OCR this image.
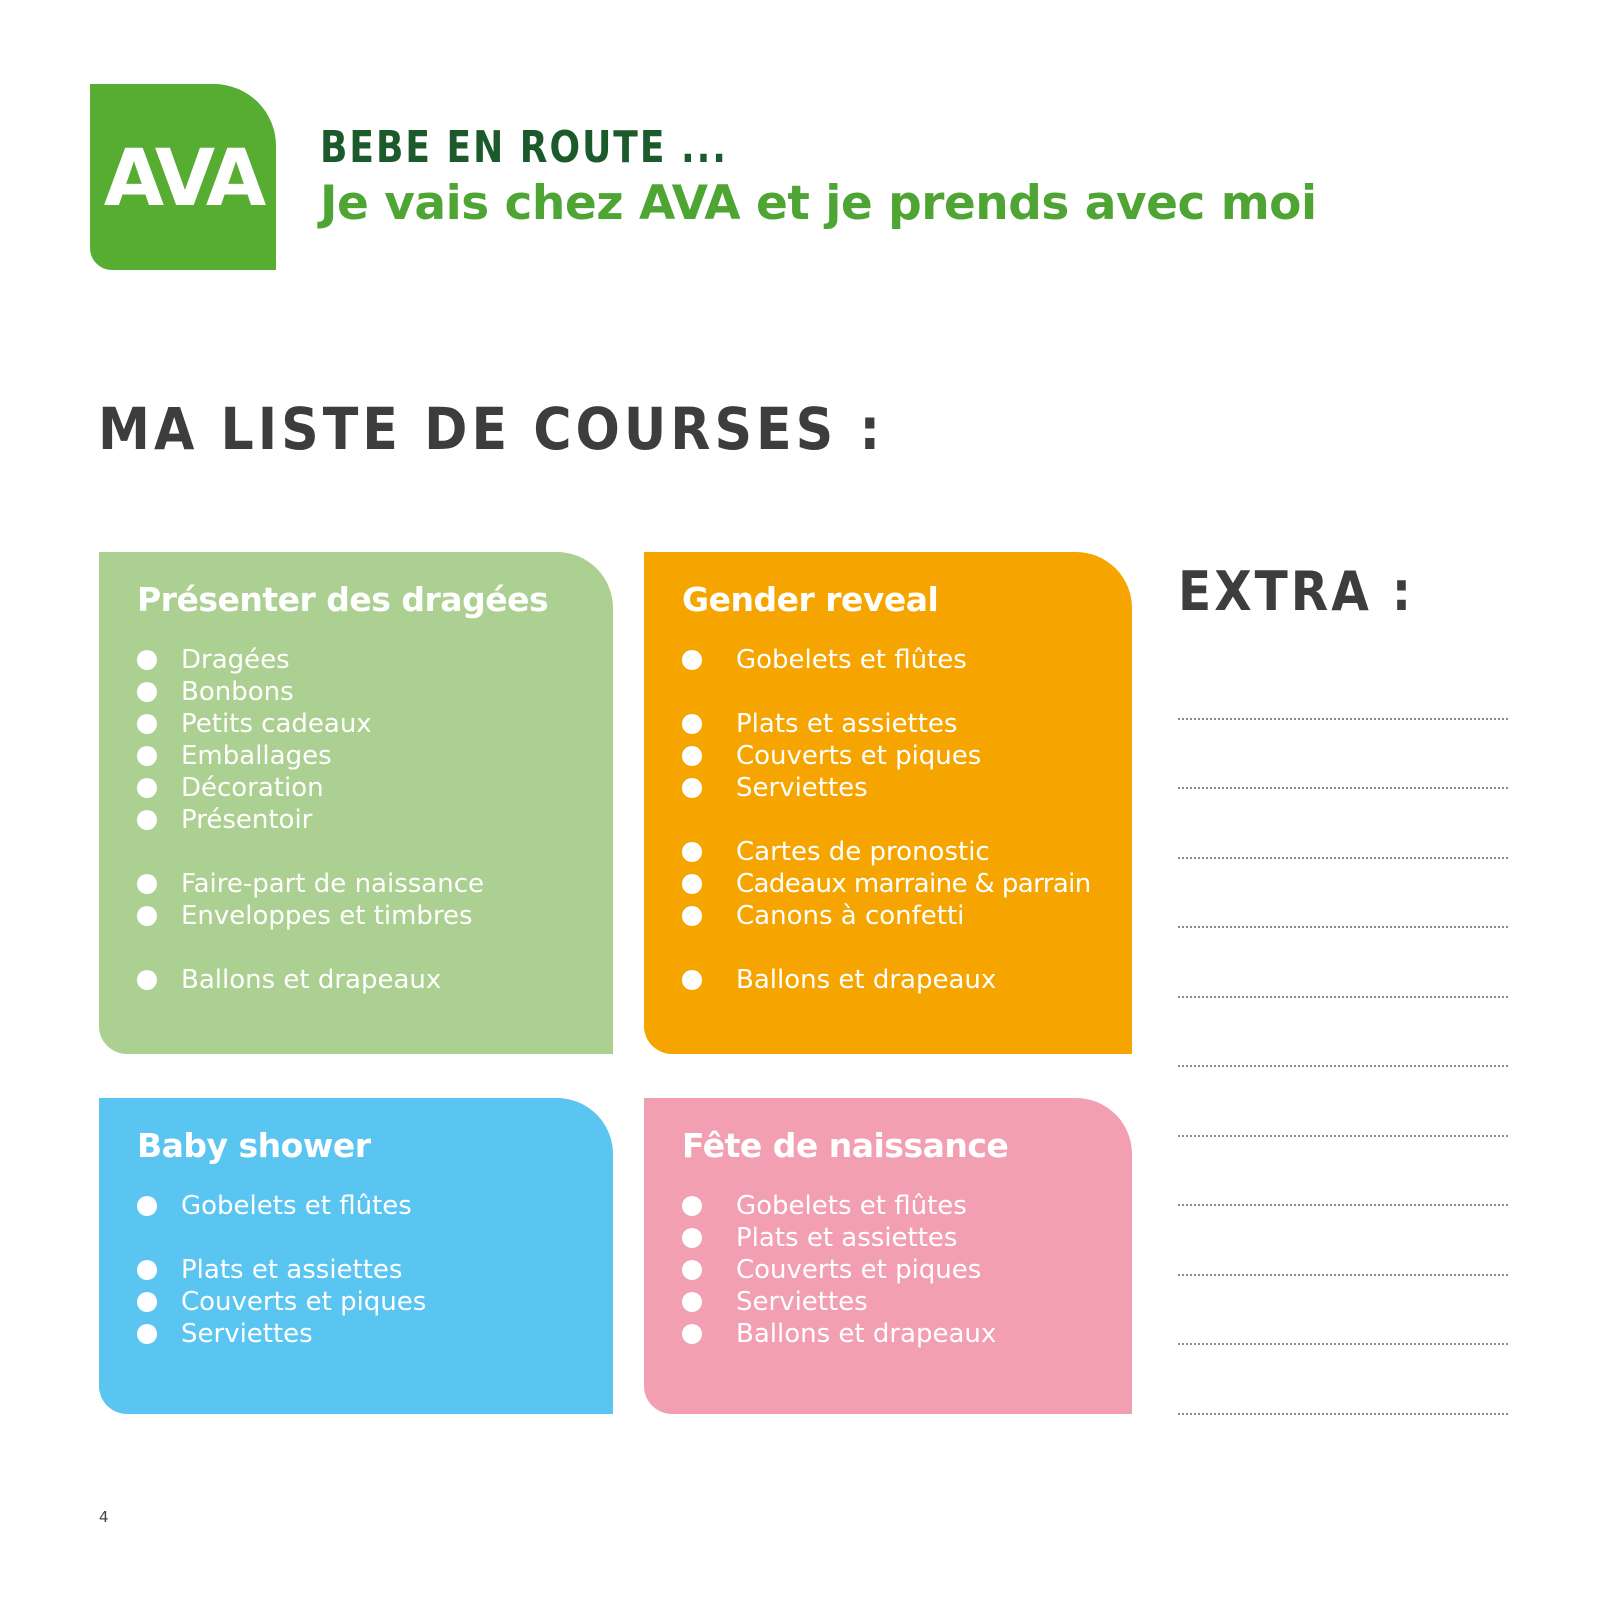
AVA BEBE EN ROUTE ...
Je vais chez AVA et je prends avec moi
MA LISTE DE COURSES :
Présenter des dragées
Dragées
Bonbons
Petits cadeaux
Emballages
Décoration
Présentoir
Faire-part de naissance
Enveloppes et timbres
Ballons et drapeaux
Gender reveal
Gobelets et flûtes
Plats et assiettes
Couverts et piques
Serviettes
Cartes de pronostic
Cadeaux marraine & parrain
Canons à confetti
Ballons et drapeaux
Baby shower
Gobelets et flûtes
Plats et assiettes
Couverts et piques
Serviettes
Fête de naissance
Gobelets et flûtes
Plats et assiettes
Couverts et piques
Serviettes
Ballons et drapeaux
EXTRA :
4
